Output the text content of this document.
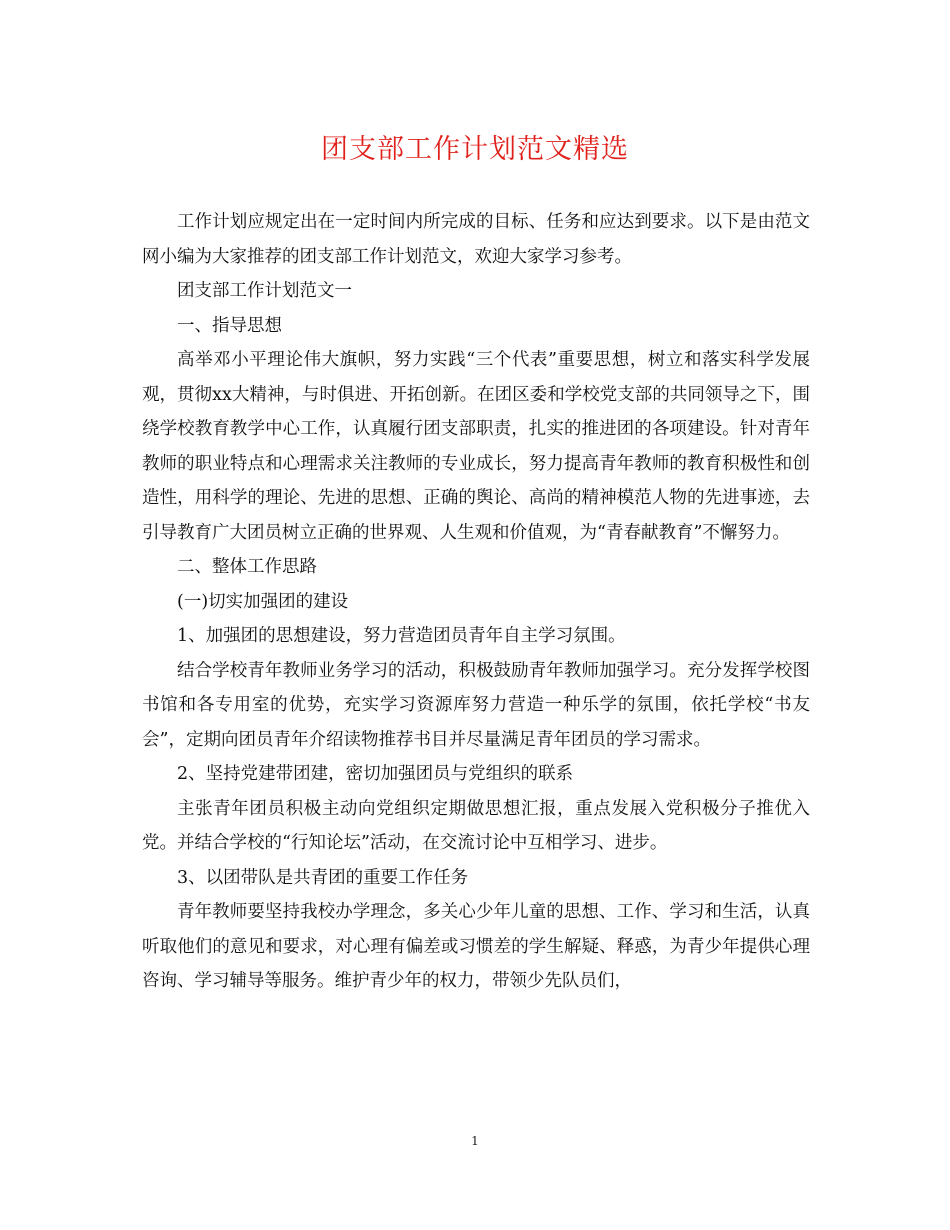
团支部工作计划范文精选

工作计划应规定出在一定时间内所完成的目标、任务和应达到要求。以下是由范文网小编为大家推荐的团支部工作计划范文，欢迎大家学习参考。

团支部工作计划范文一

一、指导思想

高举邓小平理论伟大旗帜，努力实践“三个代表”重要思想，树立和落实科学发展观，贯彻xx大精神，与时俱进、开拓创新。在团区委和学校党支部的共同领导之下，围绕学校教育教学中心工作，认真履行团支部职责，扎实的推进团的各项建设。针对青年教师的职业特点和心理需求关注教师的专业成长，努力提高青年教师的教育积极性和创造性，用科学的理论、先进的思想、正确的舆论、高尚的精神模范人物的先进事迹，去引导教育广大团员树立正确的世界观、人生观和价值观，为“青春献教育”不懈努力。

二、整体工作思路

(一)切实加强团的建设

1、加强团的思想建设，努力营造团员青年自主学习氛围。

结合学校青年教师业务学习的活动，积极鼓励青年教师加强学习。充分发挥学校图书馆和各专用室的优势，充实学习资源库努力营造一种乐学的氛围，依托学校“书友会”，定期向团员青年介绍读物推荐书目并尽量满足青年团员的学习需求。

2、坚持党建带团建，密切加强团员与党组织的联系

主张青年团员积极主动向党组织定期做思想汇报，重点发展入党积极分子推优入党。并结合学校的“行知论坛”活动，在交流讨论中互相学习、进步。

3、以团带队是共青团的重要工作任务

青年教师要坚持我校办学理念，多关心少年儿童的思想、工作、学习和生活，认真听取他们的意见和要求，对心理有偏差或习惯差的学生解疑、释惑，为青少年提供心理咨询、学习辅导等服务。维护青少年的权力，带领少先队员们，

1
